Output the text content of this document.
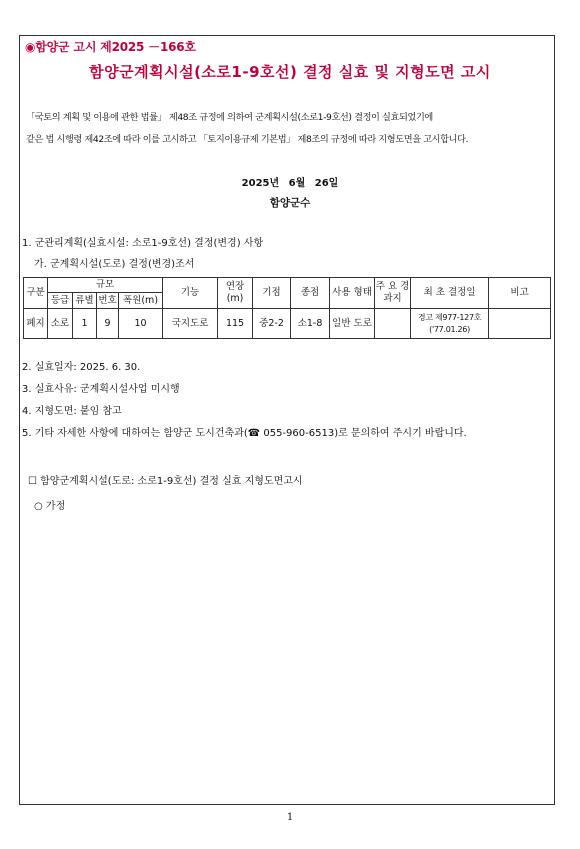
◉함양군 고시 제2025 －166호
함양군계획시설(소로1-9호선) 결정 실효 및 지형도면 고시
「국토의 계획 및 이용에 관한 법률」 제48조 규정에 의하여 군계획시설(소로1-9호선) 결정이 실효되었기에
같은 법 시행령 제42조에 따라 이를 고시하고 「토지이용규제 기본법」 제8조의 규정에 따라 지형도면을 고시합니다.
2025년 6월 26일
함양군수
1. 군관리계획(실효시설: 소로1-9호선) 결정(변경) 사항
가. 군계획시설(도로) 결정(변경)조서
구분	규모				기능	연장 (m)	기점	종점	사용 형태	주 요 경과지	최 초 결정일	비고
	등급	류별	번호	폭원(m)								
폐지	소로	1	9	10	국지도로	115	중2-2	소1-8	일반 도로		경고 제977-127호
('77.01.26)	

2. 실효일자: 2025. 6. 30.
3. 실효사유: 군계획시설사업 미시행
4. 지형도면: 붙임 참고
5. 기타 자세한 사항에 대하여는 함양군 도시건축과(☎ 055-960-6513)로 문의하여 주시기 바랍니다.
☐ 함양군계획시설(도로: 소로1-9호선) 결정 실효 지형도면고시
○ 가정
1
